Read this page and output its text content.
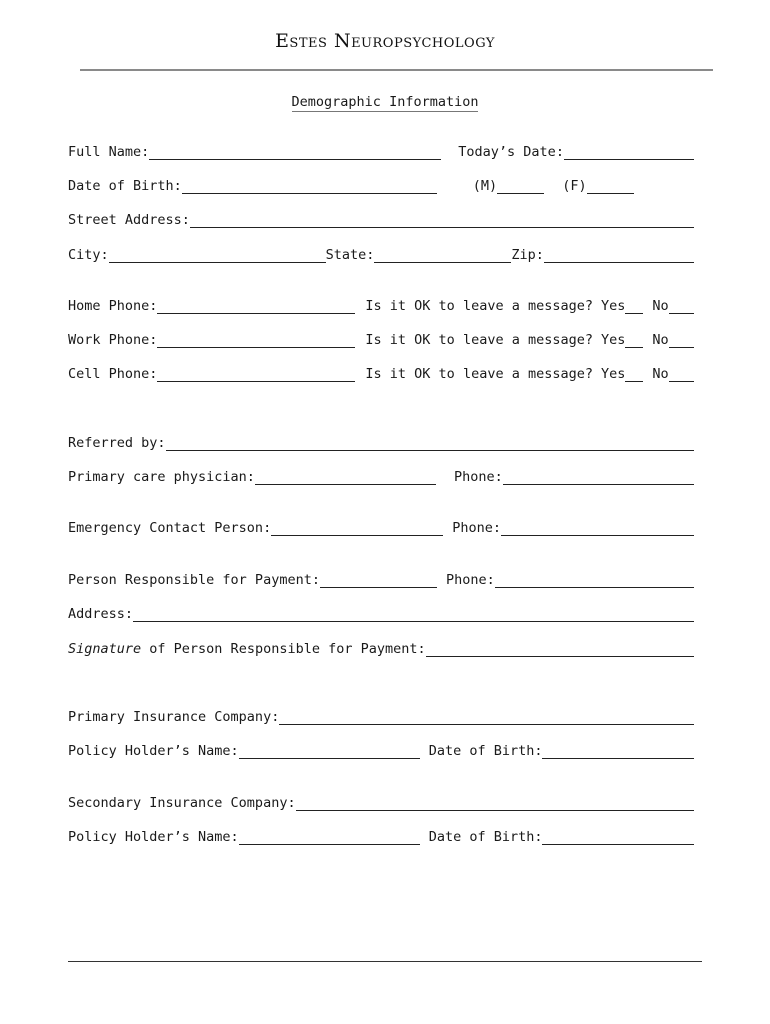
Estes Neuropsychology
Demographic Information
Full Name:	Today’s Date:
Date of Birth:	(M)	(F)
Street Address:
City:	State:	Zip:
Home Phone:	Is it OK to leave a message? Yes No
Work Phone:	Is it OK to leave a message? Yes No
Cell Phone:	Is it OK to leave a message? Yes No
Referred by:
Primary care physician:	Phone:
Emergency Contact Person:	Phone:
Person Responsible for Payment:	Phone:
Address:
Signature of Person Responsible for Payment:
Primary Insurance Company:
Policy Holder’s Name:	Date of Birth:
Secondary Insurance Company:
Policy Holder’s Name:	Date of Birth:
